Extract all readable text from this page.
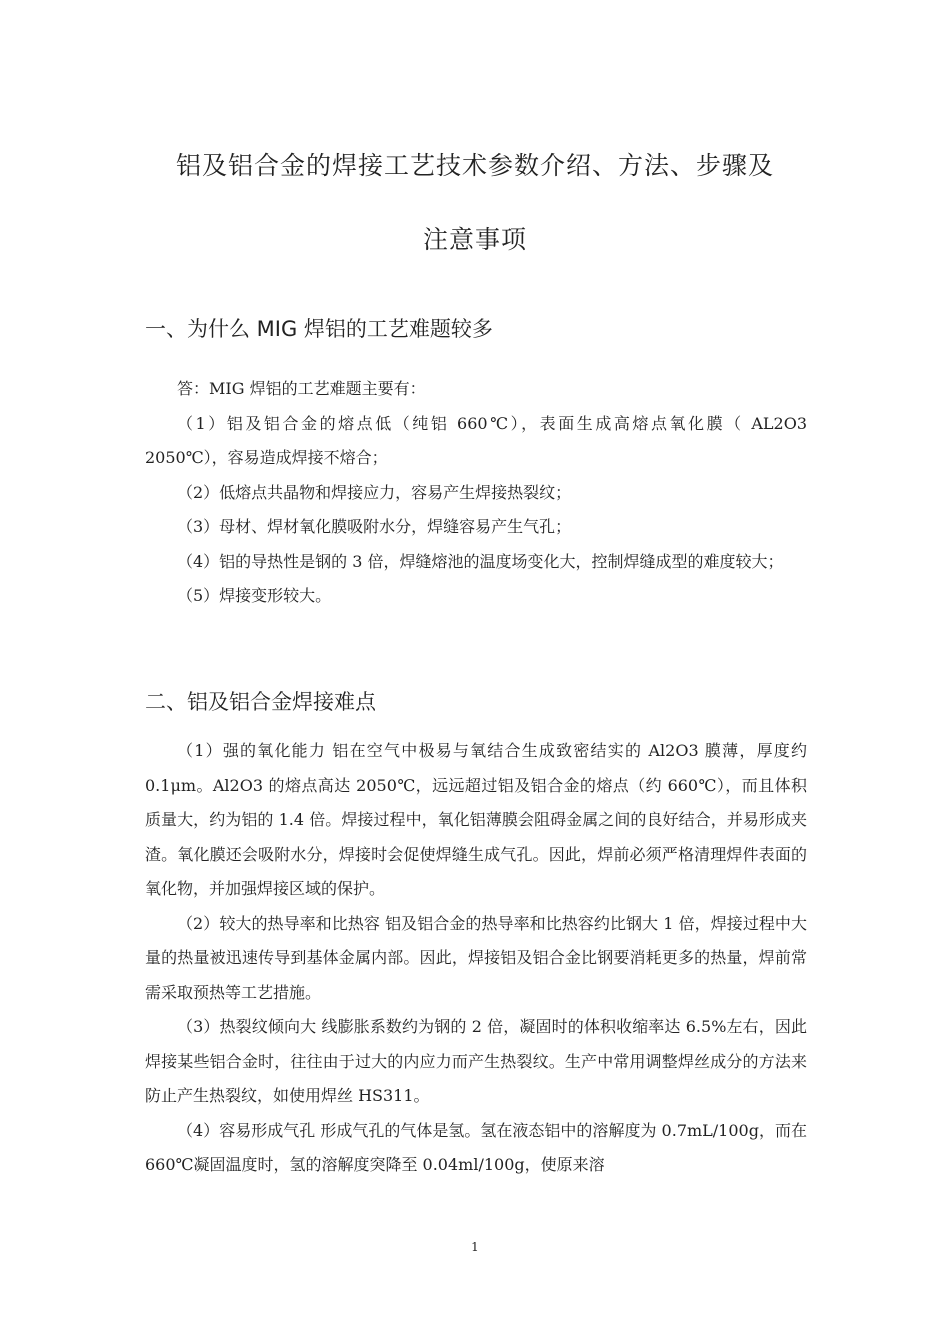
铝及铝合金的焊接工艺技术参数介绍、方法、步骤及
注意事项
一、为什么 MIG 焊铝的工艺难题较多

答：MIG 焊铝的工艺难题主要有：

（1）铝及铝合金的熔点低（纯铝 660℃），表面生成高熔点氧化膜（ AL2O3 2050℃），容易造成焊接不熔合；

（2）低熔点共晶物和焊接应力，容易产生焊接热裂纹；

（3）母材、焊材氧化膜吸附水分，焊缝容易产生气孔；

（4）铝的导热性是钢的 3 倍，焊缝熔池的温度场变化大，控制焊缝成型的难度较大；

（5）焊接变形较大。

二、铝及铝合金焊接难点

（1）强的氧化能力 铝在空气中极易与氧结合生成致密结实的 Al2O3 膜薄，厚度约 0.1μm。Al2O3 的熔点高达 2050℃，远远超过铝及铝合金的熔点（约 660℃），而且体积质量大，约为铝的 1.4 倍。焊接过程中，氧化铝薄膜会阻碍金属之间的良好结合，并易形成夹渣。氧化膜还会吸附水分，焊接时会促使焊缝生成气孔。因此，焊前必须严格清理焊件表面的氧化物，并加强焊接区域的保护。

（2）较大的热导率和比热容 铝及铝合金的热导率和比热容约比钢大 1 倍，焊接过程中大量的热量被迅速传导到基体金属内部。因此，焊接铝及铝合金比钢要消耗更多的热量，焊前常需采取预热等工艺措施。

（3）热裂纹倾向大 线膨胀系数约为钢的 2 倍，凝固时的体积收缩率达 6.5%左右，因此焊接某些铝合金时，往往由于过大的内应力而产生热裂纹。生产中常用调整焊丝成分的方法来防止产生热裂纹，如使用焊丝 HS311。

（4）容易形成气孔 形成气孔的气体是氢。氢在液态铝中的溶解度为 0.7mL/100g，而在 660℃凝固温度时，氢的溶解度突降至 0.04ml/100g，使原来溶

1
